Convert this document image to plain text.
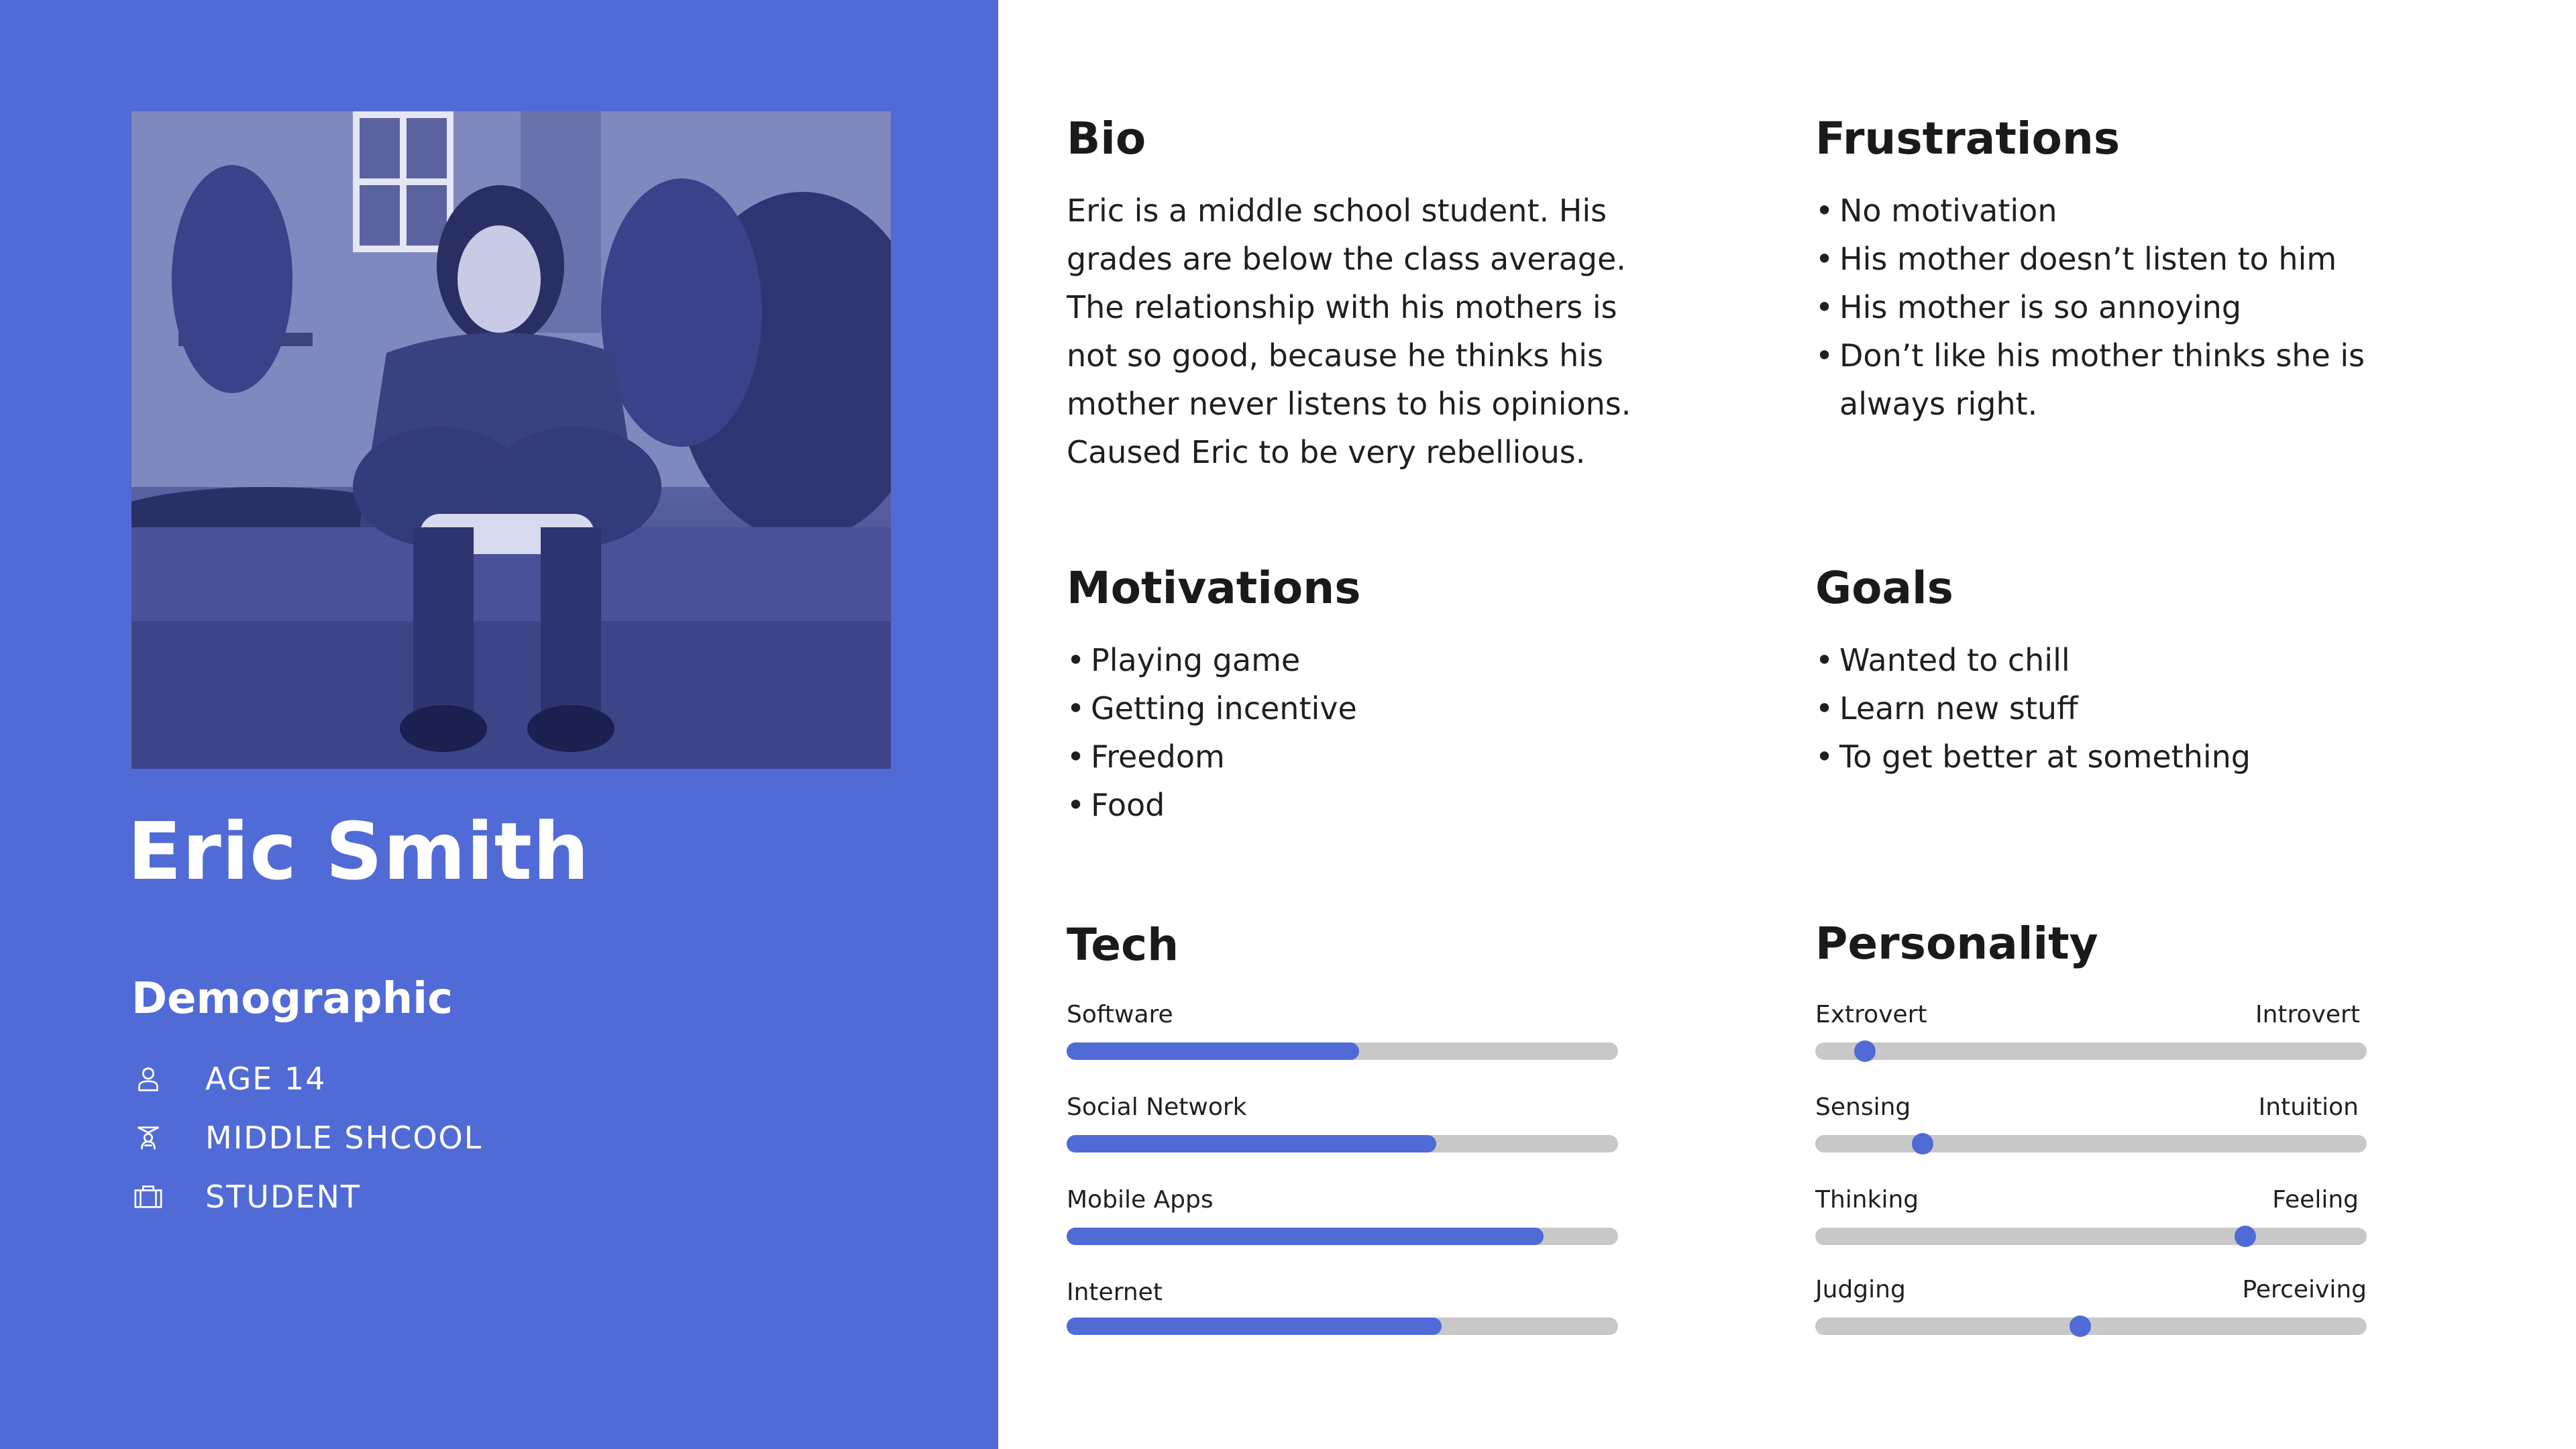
Eric Smith
Demographic
AGE 14
MIDDLE SHCOOL
STUDENT
Bio
Eric is a middle school student. His
grades are below the class average.
The relationship with his mothers is
not so good, because he thinks his
mother never listens to his opinions.
Caused Eric to be very rebellious.
Frustrations
• No motivation
• His mother doesn’t listen to him
• His mother is so annoying
• Don’t like his mother thinks she is always right.
Motivations
• Playing game
• Getting incentive
• Freedom
• Food
Goals
• Wanted to chill
• Learn new stuff
• To get better at something
Tech
Software
Social Network
Mobile Apps
Internet
Personality
Extrovert	Introvert
Sensing	Intuition
Thinking	Feeling
Judging	Perceiving
